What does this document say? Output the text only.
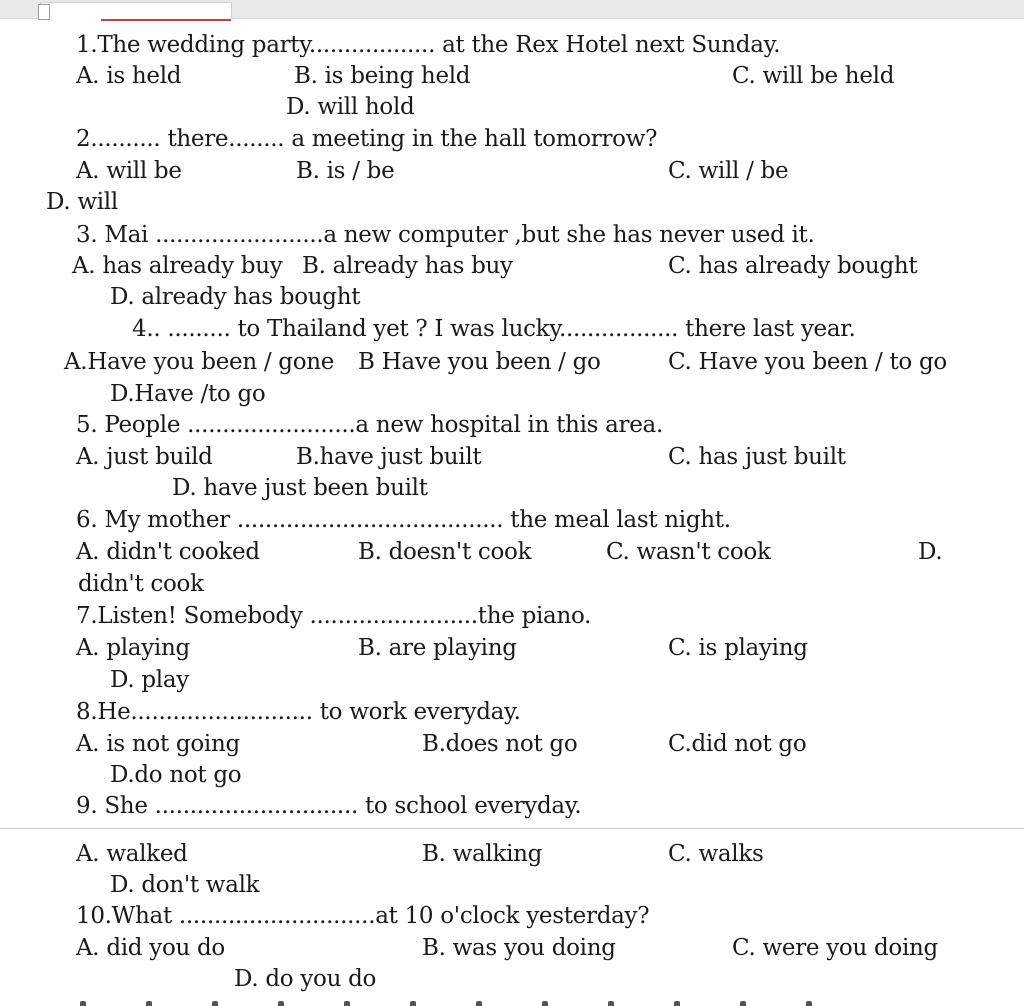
1.The wedding party.................. at the Rex Hotel next Sunday.
A. is held	B. is being held	C. will be held
D. will hold
2.......... there........ a meeting in the hall tomorrow?
A. will be	B. is / be	C. will / be
D. will
3. Mai ........................a new computer ,but she has never used it.
A. has already buy B. already has buy	C. has already bought
D. already has bought
4.. ......... to Thailand yet ? I was lucky................. there last year.
A.Have you been / gone B Have you been / go	C. Have you been / to go
D.Have /to go
5. People ........................a new hospital in this area.
A. just build	B.have just built	C. has just built
D. have just been built
6. My mother ...................................... the meal last night.
A. didn't cooked	B. doesn't cook	C. wasn't cook	D.
didn't cook
7.Listen! Somebody ........................the piano.
A. playing	B. are playing	C. is playing
D. play
8.He.......................... to work everyday.
A. is not going	B.does not go	C.did not go
D.do not go
9. She ............................. to school everyday.
A. walked	B. walking	C. walks
D. don't walk
10.What ............................at 10 o'clock yesterday?
A. did you do	B. was you doing	C. were you doing
D. do you do
